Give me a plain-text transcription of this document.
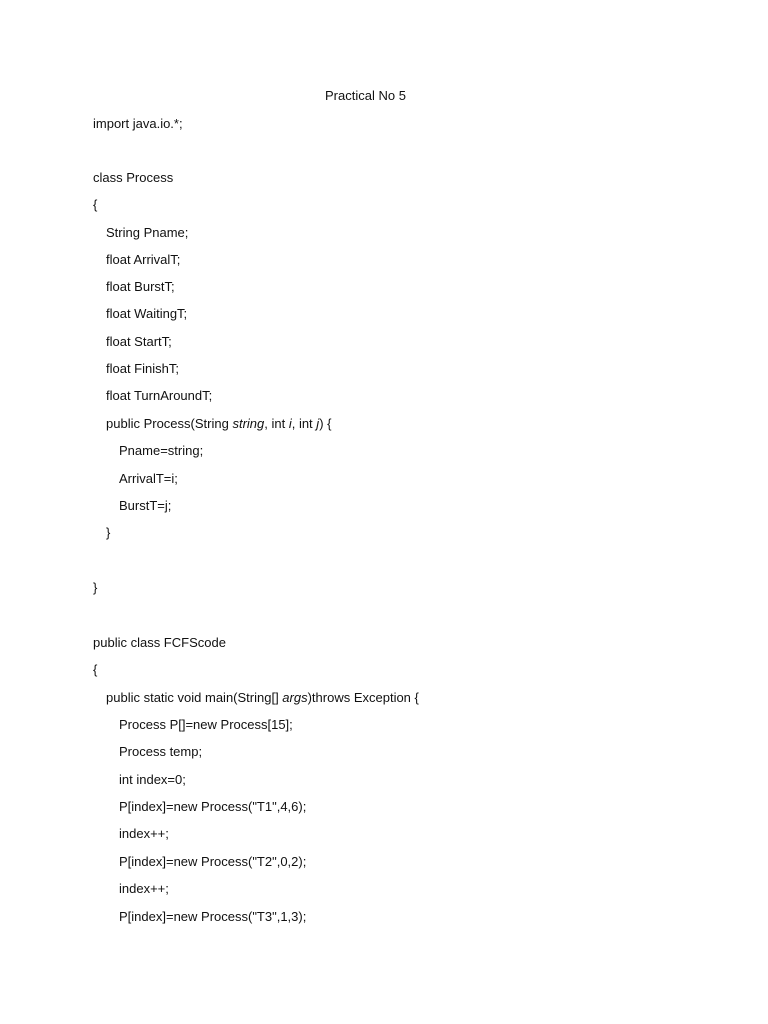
Practical No 5
import java.io.*;
class Process
{
String Pname;
float ArrivalT;
float BurstT;
float WaitingT;
float StartT;
float FinishT;
float TurnAroundT;
public Process(String string, int i, int j) {
Pname=string;
ArrivalT=i;
BurstT=j;
}
}
public class FCFScode
{
public static void main(String[] args)throws Exception {
Process P[]=new Process[15];
Process temp;
int index=0;
P[index]=new Process("T1",4,6);
index++;
P[index]=new Process("T2",0,2);
index++;
P[index]=new Process("T3",1,3);
